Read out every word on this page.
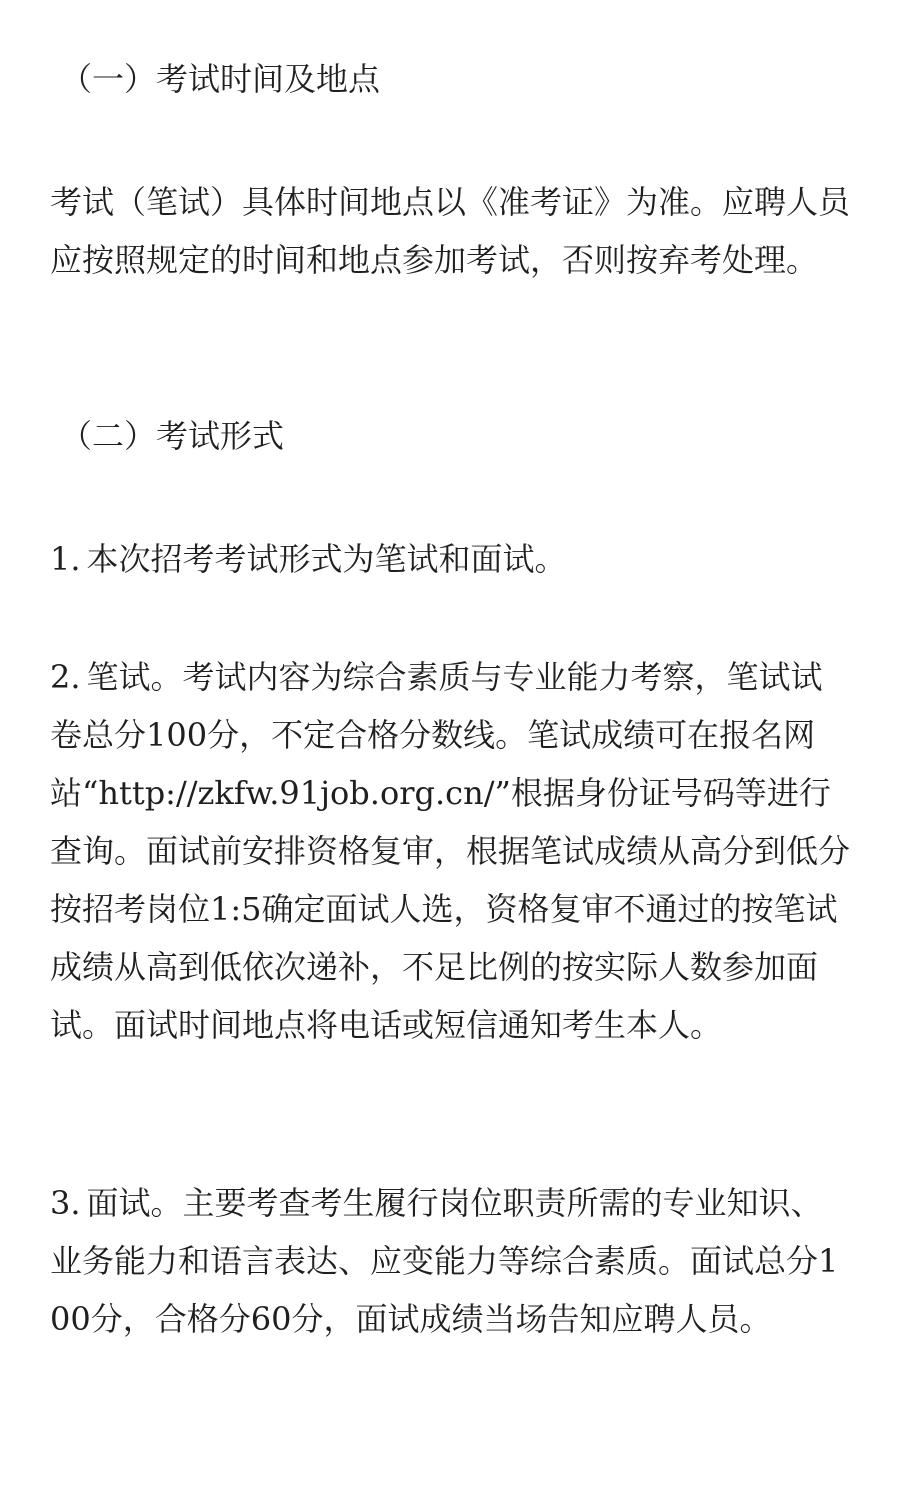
（一）考试时间及地点

考试（笔试）具体时间地点以《准考证》为准。应聘人员应按照规定的时间和地点参加考试，否则按弃考处理。

（二）考试形式

1. 本次招考考试形式为笔试和面试。

2. 笔试。考试内容为综合素质与专业能力考察，笔试试卷总分100分，不定合格分数线。笔试成绩可在报名网站“http://zkfw.91job.org.cn/”根据身份证号码等进行查询。面试前安排资格复审，根据笔试成绩从高分到低分按招考岗位1:5确定面试人选，资格复审不通过的按笔试成绩从高到低依次递补，不足比例的按实际人数参加面试。面试时间地点将电话或短信通知考生本人。

3. 面试。主要考查考生履行岗位职责所需的专业知识、业务能力和语言表达、应变能力等综合素质。面试总分100分，合格分60分，面试成绩当场告知应聘人员。
